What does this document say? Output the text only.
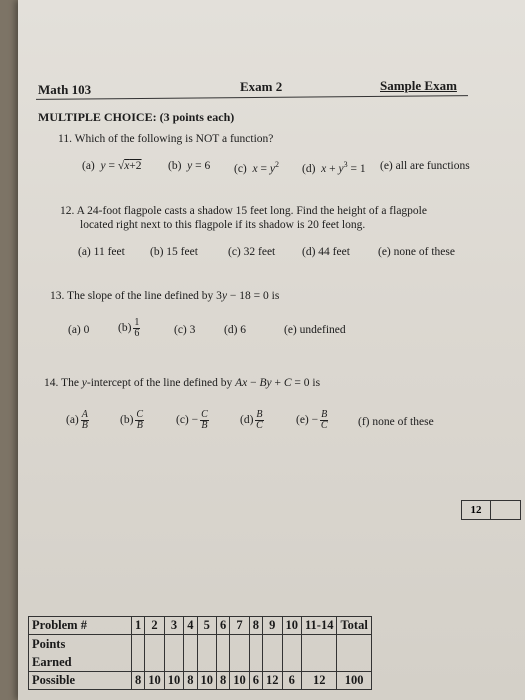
Math 103	Exam 2	Sample Exam
MULTIPLE CHOICE: (3 points each)
11. Which of the following is NOT a function?
(a)  y = √x+2 (b)  y = 6 (c)  $x = y^2$ (d)  $x + y^3 = 1$ (e) all are functions
12. A 24-foot flagpole casts a shadow 15 feet long. Find the height of a flagpole
located right next to this flagpole if its shadow is 20 feet long.
(a) 11 feet (b) 15 feet	(c) 32 feet (d) 44 feet (e) none of these
13. The slope of the line defined by 3y − 18 = 0 is
(a) 0 $(b) \frac{1}{6}$	(c) 3 (d) 6	(e) undefined
14. The y-intercept of the line defined by Ax − By + C = 0 is
$(a) \frac{A}{B}$	$(b) \frac{C}{B}$	$(c) - \frac{C}{B}$	$(d) \frac{B}{C}$	$(e) - \frac{B}{C}$	(f) none of these
12
Problem #	1	2	3	4	5	6	7	8	9	10	11-14	Total
Points
Earned												
Possible	8	10	10	8	10	8	10	6	12	6	12	100
